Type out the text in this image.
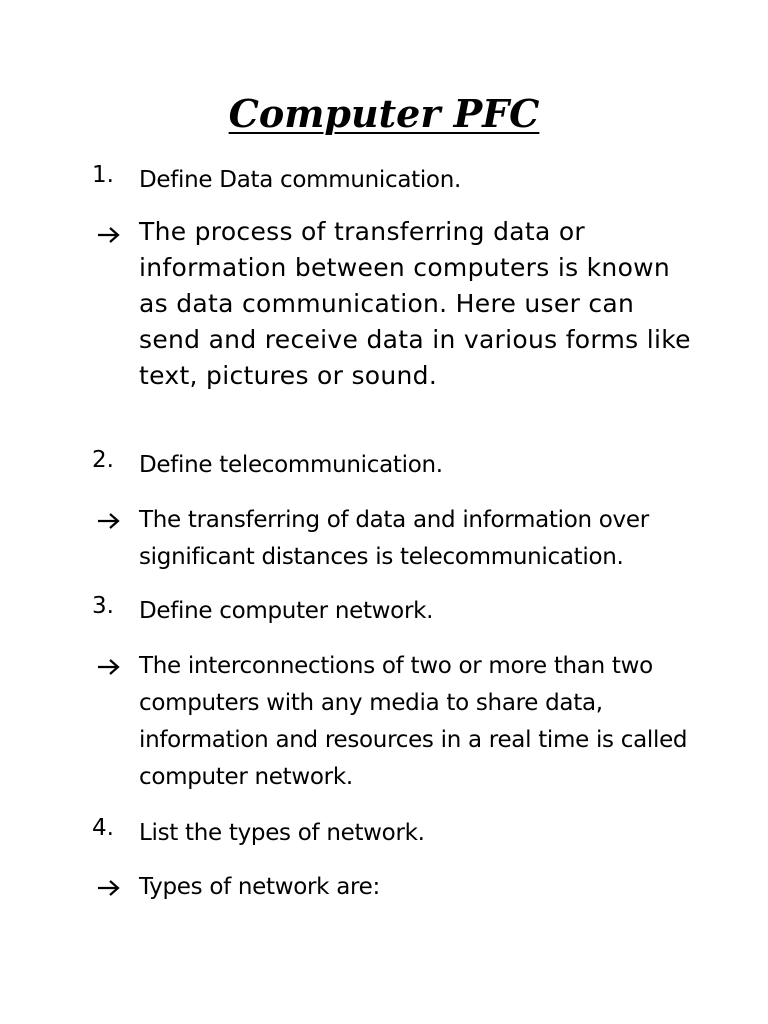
Computer PFC
1.	Define Data communication.
The process of transferring data or information between computers is known as data communication. Here user can send and receive data in various forms like text, pictures or sound.
2.	Define telecommunication.
The transferring of data and information over significant distances is telecommunication.
3.	Define computer network.
The interconnections of two or more than two computers with any media to share data, information and resources in a real time is called computer network.
4.	List the types of network.
Types of network are:
